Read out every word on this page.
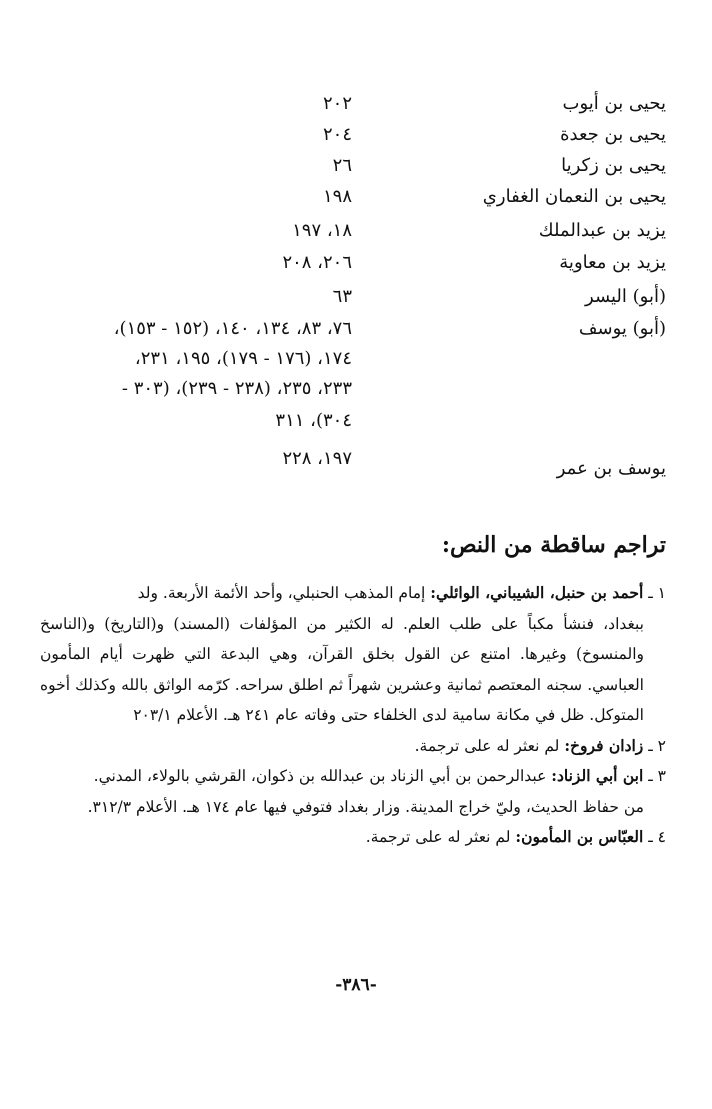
يحيى بن أيوب
٢٠٢
يحيى بن جعدة
٢٠٤
يحيى بن زكريا
٢٦
يحيى بن النعمان الغفاري
١٩٨
يزيد بن عبدالملك
١٨، ١٩٧
يزيد بن معاوية
٢٠٦، ٢٠٨
(أبو) اليسر
٦٣
(أبو) يوسف
٧٦، ٨٣، ١٣٤، ١٤٠، (١٥٢ - ١٥٣)،
١٧٤، (١٧٦ - ١٧٩)، ١٩٥، ٢٣١،
٢٣٣، ٢٣٥، (٢٣٨ - ٢٣٩)، (٣٠٣ -
٣٠٤)، ٣١١
يوسف بن عمر
١٩٧، ٢٢٨
تراجم ساقطة من النص:
١ ـ أحمد بن حنبل، الشيباني، الوائلي: إمام المذهب الحنبلي، وأحد الأئمة الأربعة. ولد
ببغداد، فنشأ مكباً على طلب العلم. له الكثير من المؤلفات (المسند) و(التاريخ) و(الناسخ والمنسوخ) وغيرها. امتنع عن القول بخلق القرآن، وهي البدعة التي ظهرت أيام المأمون العباسي. سجنه المعتصم ثمانية وعشرين شهراً ثم اطلق سراحه. كرّمه الواثق بالله وكذلك أخوه المتوكل. ظل في مكانة سامية لدى الخلفاء حتى وفاته عام ٢٤١ هـ. الأعلام ٢٠٣/١
٢ ـ زادان فروخ: لم نعثر له على ترجمة.
٣ ـ ابن أبي الزناد: عبدالرحمن بن أبي الزناد بن عبدالله بن ذكوان، القرشي بالولاء، المدني.
من حفاظ الحديث، وليّ خراج المدينة. وزار بغداد فتوفي فيها عام ١٧٤ هـ. الأعلام ٣١٢/٣.
٤ ـ العبّاس بن المأمون: لم نعثر له على ترجمة.
-٣٨٦-
